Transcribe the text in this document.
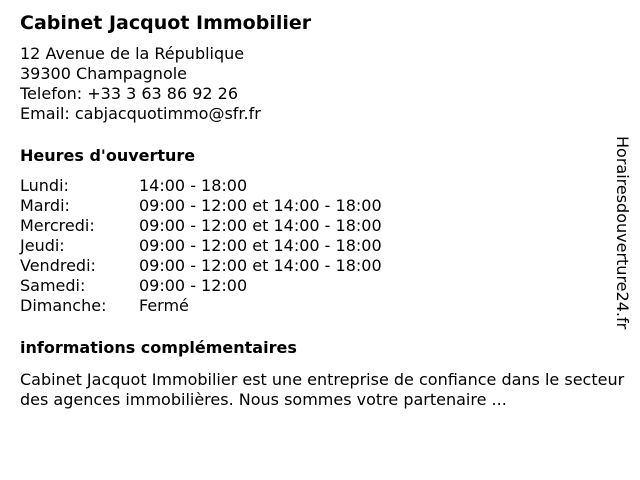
Cabinet Jacquot Immobilier
12 Avenue de la République
39300 Champagnole
Telefon: +33 3 63 86 92 26
Email: cabjacquotimmo@sfr.fr
Heures d'ouverture
Lundi:	14:00 - 18:00
Mardi:	09:00 - 12:00 et 14:00 - 18:00
Mercredi:	09:00 - 12:00 et 14:00 - 18:00
Jeudi:	09:00 - 12:00 et 14:00 - 18:00
Vendredi:	09:00 - 12:00 et 14:00 - 18:00
Samedi:	09:00 - 12:00
Dimanche:	Fermé
informations complémentaires
Cabinet Jacquot Immobilier est une entreprise de confiance dans le secteur des agences immobilières. Nous sommes votre partenaire ...
Horairesdouverture24.fr
